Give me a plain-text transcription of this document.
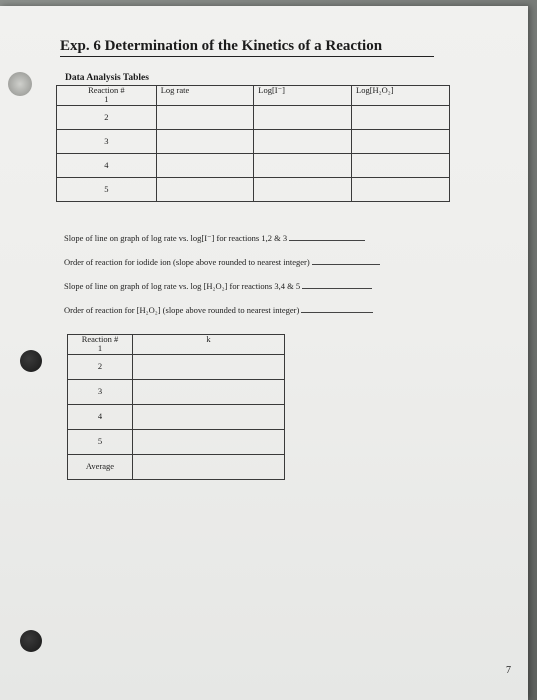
Exp. 6 Determination of the Kinetics of a Reaction
Data Analysis Tables
Reaction #
1	Log rate	Log[I⁻]	Log[H₂O₂]
2			
3			
4			
5			
Slope of line on graph of log rate vs. log[I⁻] for reactions 1,2 & 3
Order of reaction for iodide ion (slope above rounded to nearest integer)
Slope of line on graph of log rate vs. log [H₂O₂] for reactions 3,4 & 5
Order of reaction for [H₂O₂] (slope above rounded to nearest integer)
Reaction #
1	k
2	
3	
4	
5	
Average	
7
